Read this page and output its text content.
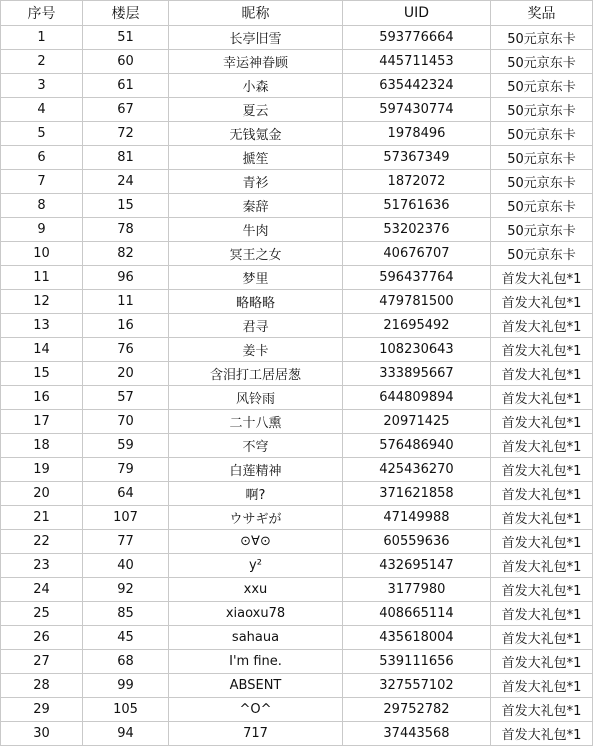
序号	楼层	昵称	UID	奖品
1	51	长亭旧雪	593776664	50元京东卡
2	60	幸运神眷顾	445711453	50元京东卡
3	61	小森	635442324	50元京东卡
4	67	夏云	597430774	50元京东卡
5	72	无钱氪金	1978496	50元京东卡
6	81	搋笙	57367349	50元京东卡
7	24	青衫	1872072	50元京东卡
8	15	秦辞	51761636	50元京东卡
9	78	牛肉	53202376	50元京东卡
10	82	冥王之女	40676707	50元京东卡
11	96	梦里	596437764	首发大礼包*1
12	11	略略略	479781500	首发大礼包*1
13	16	君寻	21695492	首发大礼包*1
14	76	姜卡	108230643	首发大礼包*1
15	20	含泪打工居居葱	333895667	首发大礼包*1
16	57	风铃雨	644809894	首发大礼包*1
17	70	二十八熏	20971425	首发大礼包*1
18	59	不穹	576486940	首发大礼包*1
19	79	白莲精神	425436270	首发大礼包*1
20	64	啊?	371621858	首发大礼包*1
21	107	ウサギが	47149988	首发大礼包*1
22	77	⊙∀⊙	60559636	首发大礼包*1
23	40	y²	432695147	首发大礼包*1
24	92	xxu	3177980	首发大礼包*1
25	85	xiaoxu78	408665114	首发大礼包*1
26	45	sahaua	435618004	首发大礼包*1
27	68	I'm fine.	539111656	首发大礼包*1
28	99	ABSENT	327557102	首发大礼包*1
29	105	^O^	29752782	首发大礼包*1
30	94	717	37443568	首发大礼包*1
